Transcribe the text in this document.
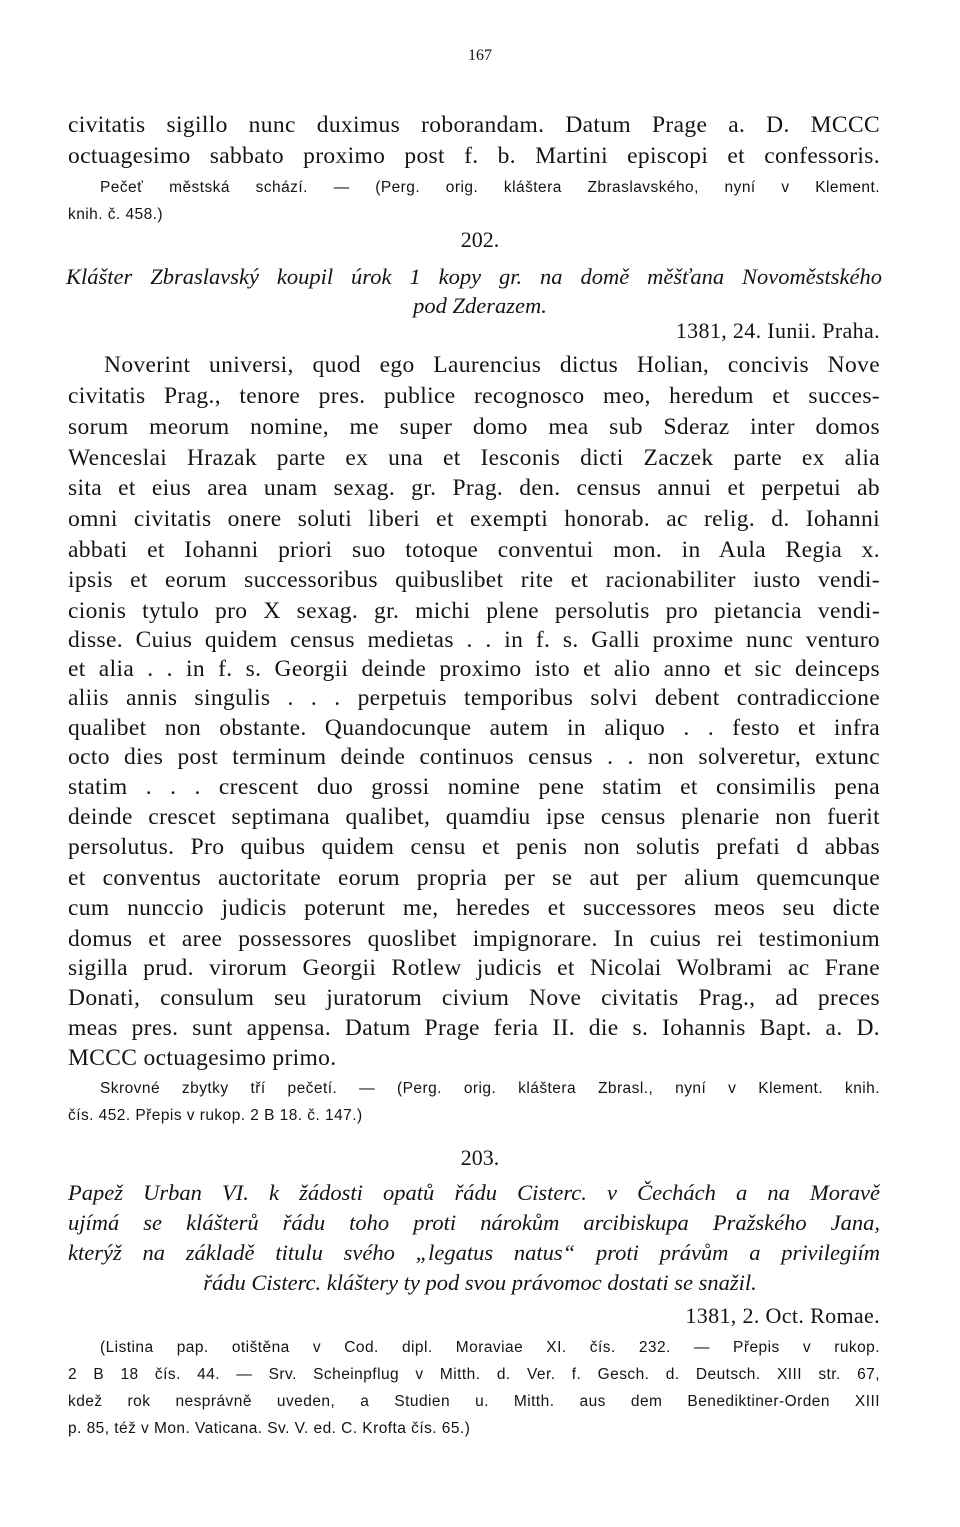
167
civitatis sigillo nunc duximus roborandam. Datum Prage a. D. MCCC
octuagesimo sabbato proximo post f. b. Martini episcopi et confessoris.
Pečeť městská schází. — (Perg. orig. kláštera Zbraslavského, nyní v Klement.
knih. č. 458.)
202.
Klášter Zbraslavský koupil úrok 1 kopy gr. na domě měšťana Novoměstského
pod Zderazem.
1381, 24. Iunii. Praha.
Noverint universi, quod ego Laurencius dictus Holian, concivis Nove
civitatis Prag., tenore pres. publice recognosco meo, heredum et succes-
sorum meorum nomine, me super domo mea sub Sderaz inter domos
Wenceslai Hrazak parte ex una et Iesconis dicti Zaczek parte ex alia
sita et eius area unam sexag. gr. Prag. den. census annui et perpetui ab
omni civitatis onere soluti liberi et exempti honorab. ac relig. d. Iohanni
abbati et Iohanni priori suo totoque conventui mon. in Aula Regia x.
ipsis et eorum successoribus quibuslibet rite et racionabiliter iusto vendi-
cionis tytulo pro X sexag. gr. michi plene persolutis pro pietancia vendi-
disse. Cuius quidem census medietas . . in f. s. Galli proxime nunc venturo
et alia . . in f. s. Georgii deinde proximo isto et alio anno et sic deinceps
aliis annis singulis . . . perpetuis temporibus solvi debent contradiccione
qualibet non obstante. Quandocunque autem in aliquo . . festo et infra
octo dies post terminum deinde continuos census . . non solveretur, extunc
statim . . . crescent duo grossi nomine pene statim et consimilis pena
deinde crescet septimana qualibet, quamdiu ipse census plenarie non fuerit
persolutus. Pro quibus quidem censu et penis non solutis prefati d abbas
et conventus auctoritate eorum propria per se aut per alium quemcunque
cum nunccio judicis poterunt me, heredes et successores meos seu dicte
domus et aree possessores quoslibet impignorare. In cuius rei testimonium
sigilla prud. virorum Georgii Rotlew judicis et Nicolai Wolbrami ac Frane
Donati, consulum seu juratorum civium Nove civitatis Prag., ad preces
meas pres. sunt appensa. Datum Prage feria II. die s. Iohannis Bapt. a. D.
MCCC octuagesimo primo.
Skrovné zbytky tří pečetí. — (Perg. orig. kláštera Zbrasl., nyní v Klement. knih.
čís. 452. Přepis v rukop. 2 B 18. č. 147.)
203.
Papež Urban VI. k žádosti opatů řádu Cisterc. v Čechách a na Moravě
ujímá se klášterů řádu toho proti nárokům arcibiskupa Pražského Jana,
kterýž na základě titulu svého „legatus natus“ proti právům a privilegiím
řádu Cisterc. kláštery ty pod svou právomoc dostati se snažil.
1381, 2. Oct. Romae.
(Listina pap. otištěna v Cod. dipl. Moraviae XI. čís. 232. — Přepis v rukop.
2 B 18 čís. 44. — Srv. Scheinpflug v Mitth. d. Ver. f. Gesch. d. Deutsch. XIII str. 67,
kdež rok nesprávně uveden, a Studien u. Mitth. aus dem Benediktiner-Orden XIII
p. 85, též v Mon. Vaticana. Sv. V. ed. C. Krofta čís. 65.)
